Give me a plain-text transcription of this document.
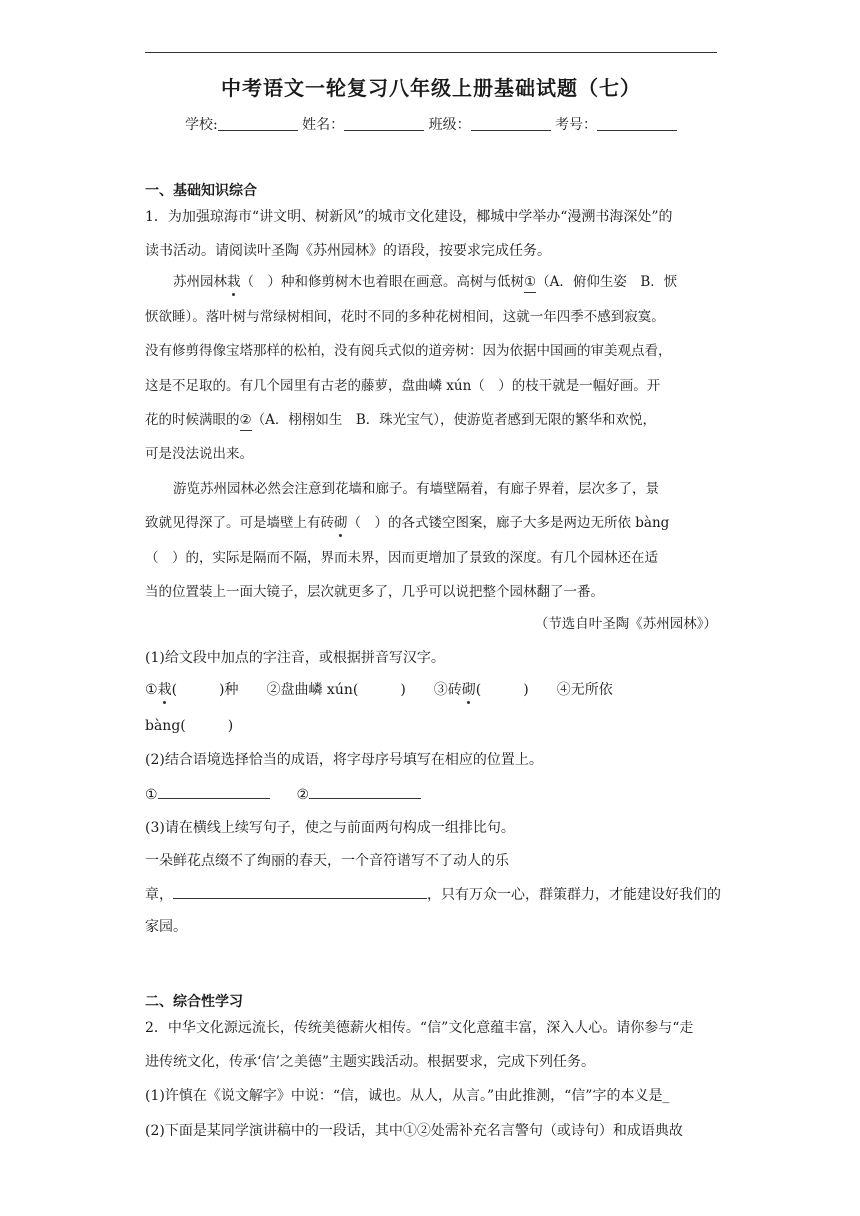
中考语文一轮复习八年级上册基础试题（七）
学校:	姓名：	班级：	考号：
一、基础知识综合
1．为加强琼海市“讲文明、树新风”的城市文化建设，椰城中学举办“漫溯书海深处”的
读书活动。请阅读叶圣陶《苏州园林》的语段，按要求完成任务。
苏州园林栽（　）种和修剪树木也着眼在画意。高树与低树①（A．俯仰生姿　B．恹
恹欲睡）。落叶树与常绿树相间，花时不同的多种花树相间，这就一年四季不感到寂寞。
没有修剪得像宝塔那样的松柏，没有阅兵式似的道旁树：因为依据中国画的审美观点看，
这是不足取的。有几个园里有古老的藤萝，盘曲嶙 xún（　）的枝干就是一幅好画。开
花的时候满眼的②（A．栩栩如生　B．珠光宝气），使游览者感到无限的繁华和欢悦，
可是没法说出来。
游览苏州园林必然会注意到花墙和廊子。有墙壁隔着，有廊子界着，层次多了，景
致就见得深了。可是墙壁上有砖砌（　）的各式镂空图案，廊子大多是两边无所依 bàng
（　）的，实际是隔而不隔，界而未界，因而更增加了景致的深度。有几个园林还在适
当的位置装上一面大镜子，层次就更多了，几乎可以说把整个园林翻了一番。
（节选自叶圣陶《苏州园林》）
(1)给文段中加点的字注音，或根据拼音写汉字。
①栽(　　　)种　　②盘曲嶙 xún(　　　)　　③砖砌(　　　)　　④无所依
bàng(　　　)
(2)结合语境选择恰当的成语，将字母序号填写在相应的位置上。
①	②
(3)请在横线上续写句子，使之与前面两句构成一组排比句。
一朵鲜花点缀不了绚丽的春天，一个音符谱写不了动人的乐
章，	，只有万众一心，群策群力，才能建设好我们的
家园。
二、综合性学习
2．中华文化源远流长，传统美德薪火相传。“信”文化意蕴丰富，深入人心。请你参与“走
进传统文化，传承‘信’之美德”主题实践活动。根据要求，完成下列任务。
(1)许慎在《说文解字》中说：“信，诚也。从人，从言。”由此推测，“信”字的本义是_
(2)下面是某同学演讲稿中的一段话，其中①②处需补充名言警句（或诗句）和成语典故
